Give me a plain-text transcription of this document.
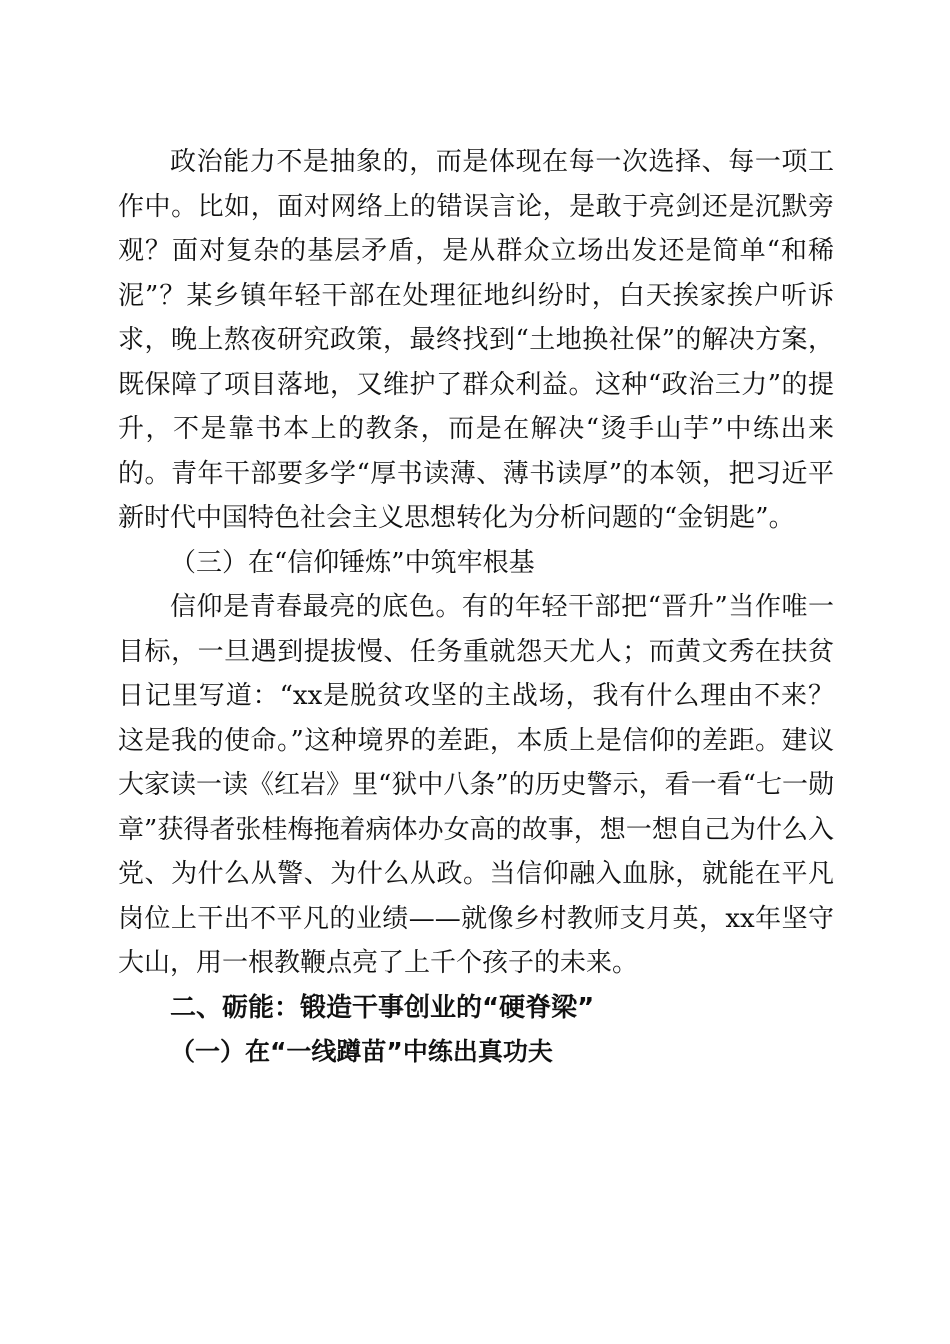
政治能力不是抽象的，而是体现在每一次选择、每一项工作中。比如，面对网络上的错误言论，是敢于亮剑还是沉默旁观？面对复杂的基层矛盾，是从群众立场出发还是简单“和稀泥”？某乡镇年轻干部在处理征地纠纷时，白天挨家挨户听诉求，晚上熬夜研究政策，最终找到“土地换社保”的解决方案，既保障了项目落地，又维护了群众利益。这种“政治三力”的提升，不是靠书本上的教条，而是在解决“烫手山芋”中练出来的。青年干部要多学“厚书读薄、薄书读厚”的本领，把习近平新时代中国特色社会主义思想转化为分析问题的“金钥匙”。

（三）在“信仰锤炼”中筑牢根基

信仰是青春最亮的底色。有的年轻干部把“晋升”当作唯一目标，一旦遇到提拔慢、任务重就怨天尤人；而黄文秀在扶贫日记里写道：“xx是脱贫攻坚的主战场，我有什么理由不来？这是我的使命。”这种境界的差距，本质上是信仰的差距。建议大家读一读《红岩》里“狱中八条”的历史警示，看一看“七一勋章”获得者张桂梅拖着病体办女高的故事，想一想自己为什么入党、为什么从警、为什么从政。当信仰融入血脉，就能在平凡岗位上干出不平凡的业绩——就像乡村教师支月英，xx年坚守大山，用一根教鞭点亮了上千个孩子的未来。

二、砺能：锻造干事创业的“硬脊梁”

（一）在“一线蹲苗”中练出真功夫
